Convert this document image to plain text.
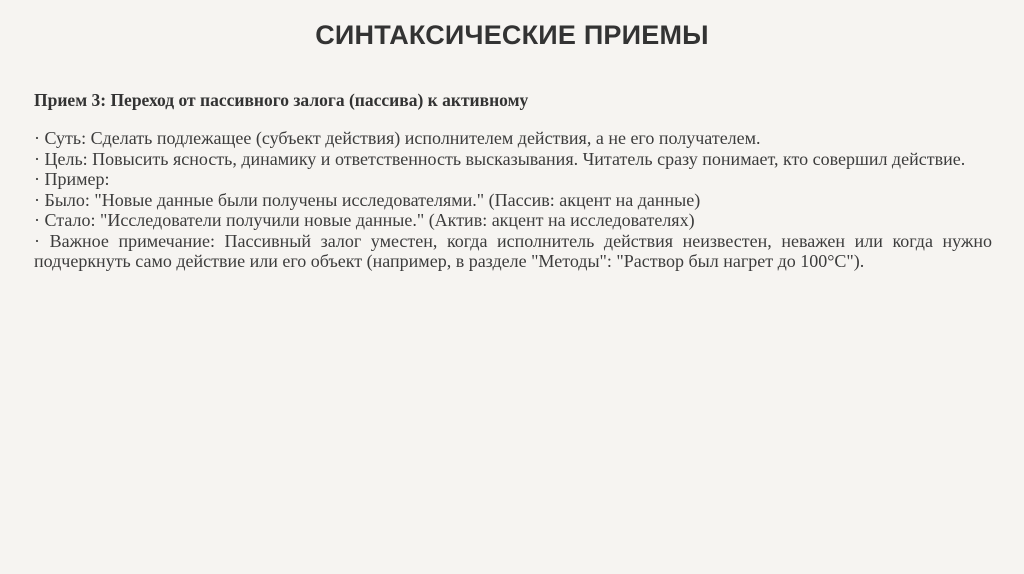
СИНТАКСИЧЕСКИЕ ПРИЕМЫ
Прием 3: Переход от пассивного залога (пассива) к активному
· Суть: Сделать подлежащее (субъект действия) исполнителем действия, а не его получателем.
· Цель: Повысить ясность, динамику и ответственность высказывания. Читатель сразу понимает, кто совершил действие.
· Пример:
· Было: "Новые данные были получены исследователями." (Пассив: акцент на данные)
· Стало: "Исследователи получили новые данные." (Актив: акцент на исследователях)
· Важное примечание: Пассивный залог уместен, когда исполнитель действия неизвестен, неважен или когда нужно подчеркнуть само действие или его объект (например, в разделе "Методы": "Раствор был нагрет до 100°C").
